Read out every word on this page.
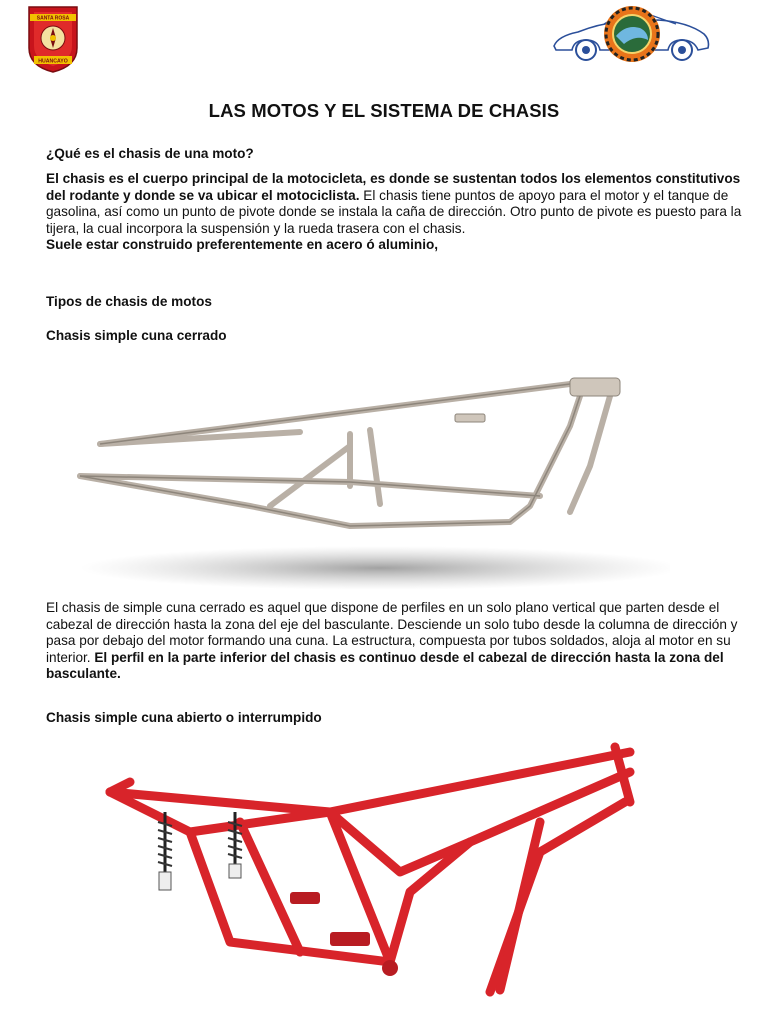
SANTA ROSA
HUANCAYO
LAS MOTOS Y EL SISTEMA DE CHASIS
¿Qué es el chasis de una moto?
El chasis es el cuerpo principal de la motocicleta, es donde se sustentan todos los elementos constitutivos del rodante y donde se va ubicar el motociclista. El chasis tiene puntos de apoyo para el motor y el tanque de gasolina, así como un punto de pivote donde se instala la caña de dirección. Otro punto de pivote es puesto para la tijera, la cual incorpora la suspensión y la rueda trasera con el chasis.
Suele estar construido preferentemente en acero ó aluminio,
Tipos de chasis de motos
Chasis simple cuna cerrado
El chasis de simple cuna cerrado es aquel que dispone de perfiles en un solo plano vertical que parten desde el cabezal de dirección hasta la zona del eje del basculante. Desciende un solo tubo desde la columna de dirección y pasa por debajo del motor formando una cuna. La estructura, compuesta por tubos soldados, aloja al motor en su interior. El perfil en la parte inferior del chasis es continuo desde el cabezal de dirección hasta la zona del basculante.
Chasis simple cuna abierto o interrumpido
